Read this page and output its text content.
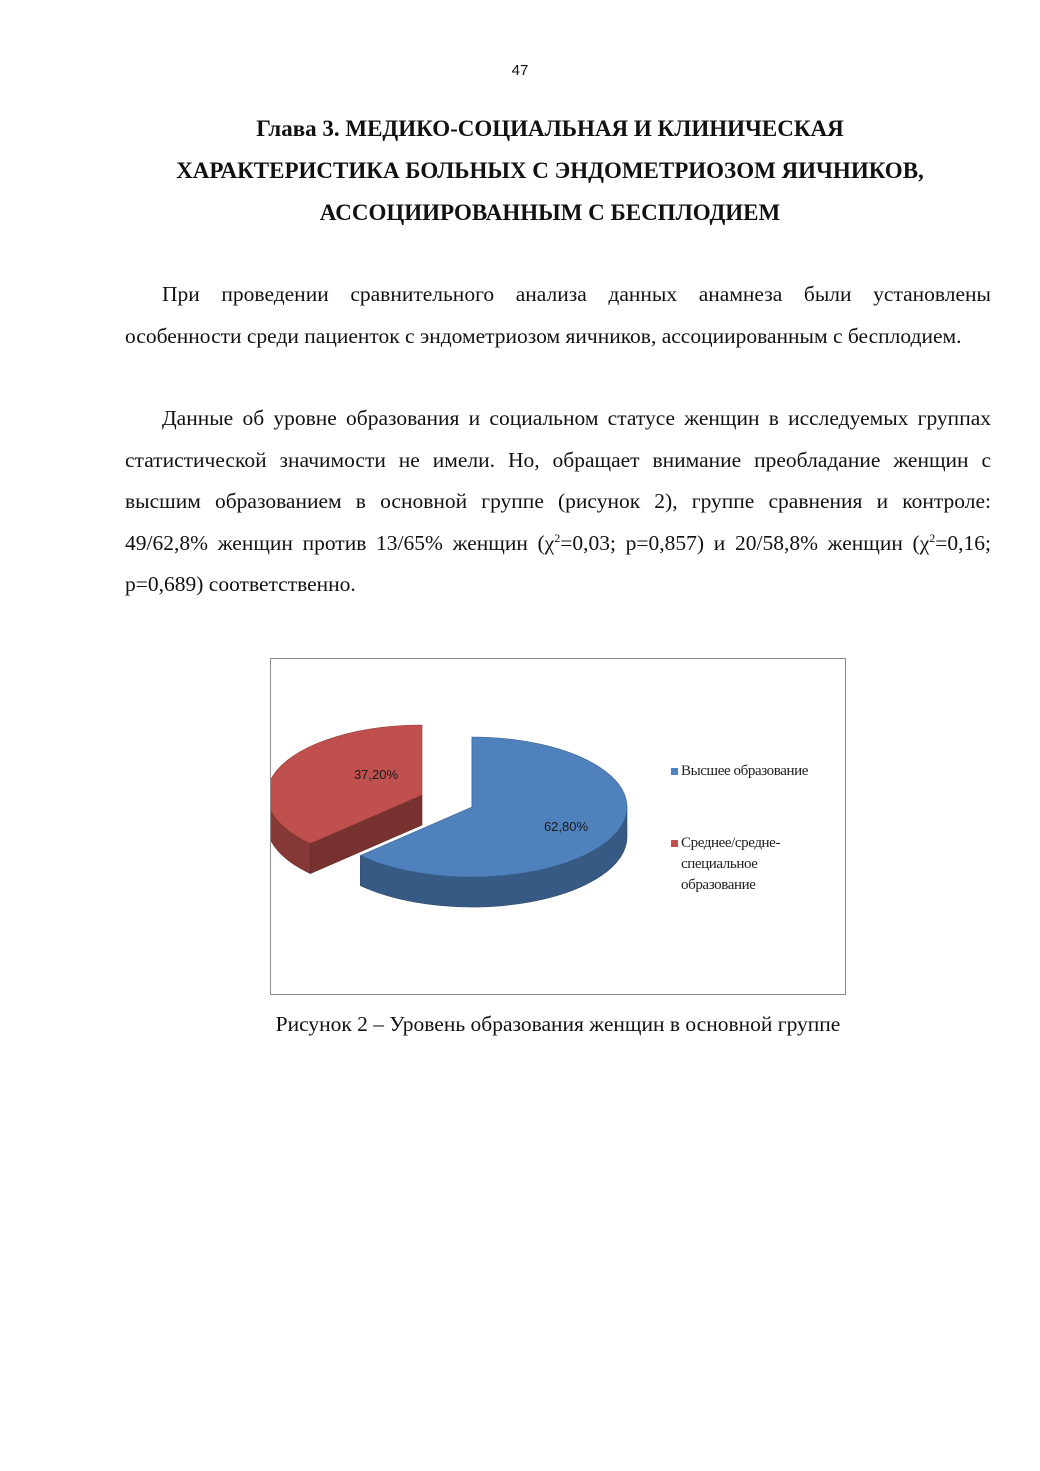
47
Глава 3. МЕДИКО-СОЦИАЛЬНАЯ И КЛИНИЧЕСКАЯ
ХАРАКТЕРИСТИКА БОЛЬНЫХ С ЭНДОМЕТРИОЗОМ ЯИЧНИКОВ,
АССОЦИИРОВАННЫМ С БЕСПЛОДИЕМ

При проведении сравнительного анализа данных анамнеза были установлены особенности среди пациенток с эндометриозом яичников, ассоциированным с бесплодием.

Данные об уровне образования и социальном статусе женщин в исследуемых группах статистической значимости не имели. Но, обращает внимание преобладание женщин с высшим образованием в основной группе (рисунок 2), группе сравнения и контроле: 49/62,8% женщин против 13/65% женщин ($\chi^2=0,03$; p=0,857) и 20/58,8% женщин ($\chi^2=0,16$; p=0,689) соответственно.

62,80%
37,20%	Высшее образование
Среднее/средне-специальное образование
Рисунок 2 – Уровень образования женщин в основной группе
